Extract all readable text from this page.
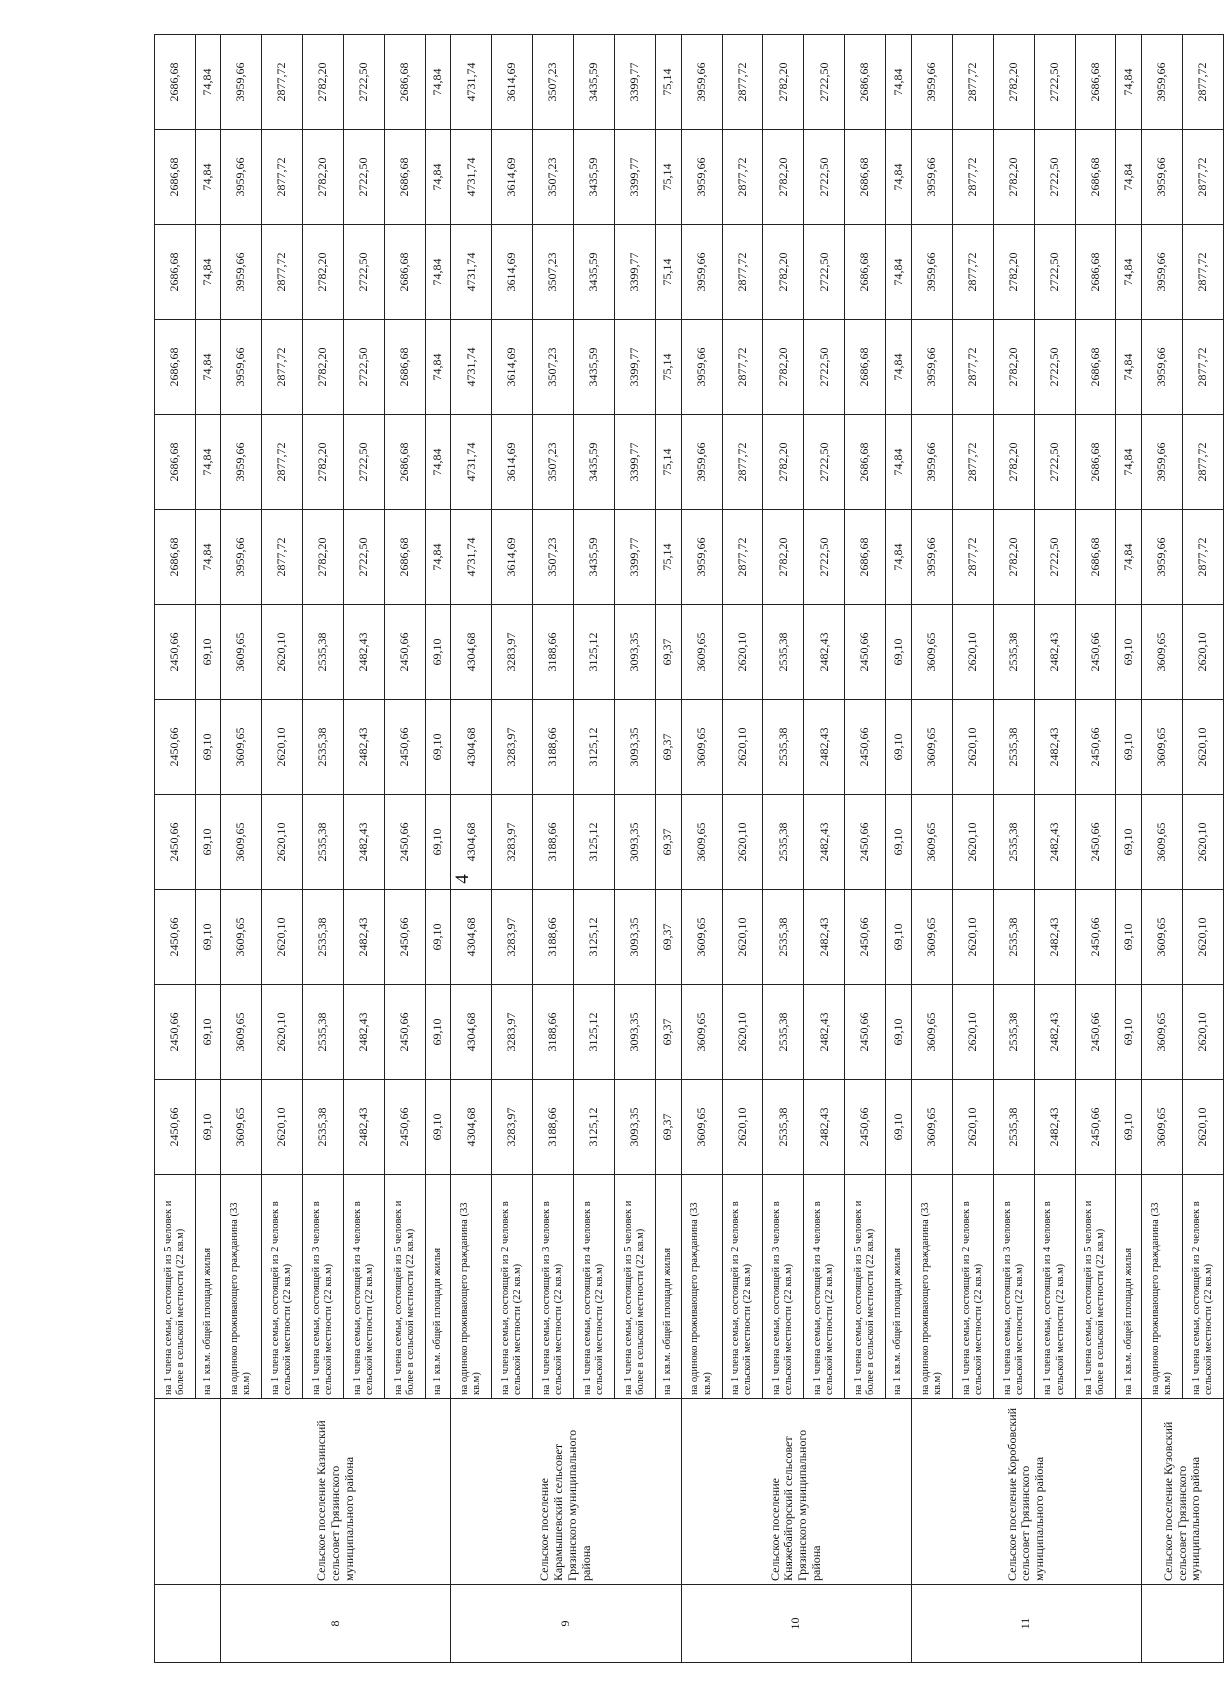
4
		на 1 члена семьи, состоящей из 5 человек и более в сельской местности (22 кв.м)	2450,66	2450,66	2450,66	2450,66	2450,66	2450,66	2686,68	2686,68	2686,68	2686,68	2686,68	2686,68
		на 1 кв.м. общей площади жилья	69,10	69,10	69,10	69,10	69,10	69,10	74,84	74,84	74,84	74,84	74,84	74,84
8	Сельское поселение Казинский сельсовет Грязинского муниципального района	на одиноко проживающего гражданина (33 кв.м)	3609,65	3609,65	3609,65	3609,65	3609,65	3609,65	3959,66	3959,66	3959,66	3959,66	3959,66	3959,66
		на 1 члена семьи, состоящей из 2 человек в сельской местности (22 кв.м)	2620,10	2620,10	2620,10	2620,10	2620,10	2620,10	2877,72	2877,72	2877,72	2877,72	2877,72	2877,72
		на 1 члена семьи, состоящей из 3 человек в сельской местности (22 кв.м)	2535,38	2535,38	2535,38	2535,38	2535,38	2535,38	2782,20	2782,20	2782,20	2782,20	2782,20	2782,20
		на 1 члена семьи, состоящей из 4 человек в сельской местности (22 кв.м)	2482,43	2482,43	2482,43	2482,43	2482,43	2482,43	2722,50	2722,50	2722,50	2722,50	2722,50	2722,50
		на 1 члена семьи, состоящей из 5 человек и более в сельской местности (22 кв.м)	2450,66	2450,66	2450,66	2450,66	2450,66	2450,66	2686,68	2686,68	2686,68	2686,68	2686,68	2686,68
		на 1 кв.м. общей площади жилья	69,10	69,10	69,10	69,10	69,10	69,10	74,84	74,84	74,84	74,84	74,84	74,84
9	Сельское поселение Карамышевский сельсовет Грязинского муниципального района	на одиноко проживающего гражданина (33 кв.м)	4304,68	4304,68	4304,68	4304,68	4304,68	4304,68	4731,74	4731,74	4731,74	4731,74	4731,74	4731,74
		на 1 члена семьи, состоящей из 2 человек в сельской местности (22 кв.м)	3283,97	3283,97	3283,97	3283,97	3283,97	3283,97	3614,69	3614,69	3614,69	3614,69	3614,69	3614,69
		на 1 члена семьи, состоящей из 3 человек в сельской местности (22 кв.м)	3188,66	3188,66	3188,66	3188,66	3188,66	3188,66	3507,23	3507,23	3507,23	3507,23	3507,23	3507,23
		на 1 члена семьи, состоящей из 4 человек в сельской местности (22 кв.м)	3125,12	3125,12	3125,12	3125,12	3125,12	3125,12	3435,59	3435,59	3435,59	3435,59	3435,59	3435,59
		на 1 члена семьи, состоящей из 5 человек и более в сельской местности (22 кв.м)	3093,35	3093,35	3093,35	3093,35	3093,35	3093,35	3399,77	3399,77	3399,77	3399,77	3399,77	3399,77
		на 1 кв.м. общей площади жилья	69,37	69,37	69,37	69,37	69,37	69,37	75,14	75,14	75,14	75,14	75,14	75,14
10	Сельское поселение Княжебайгорский сельсовет Грязинского муниципального района	на одиноко проживающего гражданина (33 кв.м)	3609,65	3609,65	3609,65	3609,65	3609,65	3609,65	3959,66	3959,66	3959,66	3959,66	3959,66	3959,66
		на 1 члена семьи, состоящей из 2 человек в сельской местности (22 кв.м)	2620,10	2620,10	2620,10	2620,10	2620,10	2620,10	2877,72	2877,72	2877,72	2877,72	2877,72	2877,72
		на 1 члена семьи, состоящей из 3 человек в сельской местности (22 кв.м)	2535,38	2535,38	2535,38	2535,38	2535,38	2535,38	2782,20	2782,20	2782,20	2782,20	2782,20	2782,20
		на 1 члена семьи, состоящей из 4 человек в сельской местности (22 кв.м)	2482,43	2482,43	2482,43	2482,43	2482,43	2482,43	2722,50	2722,50	2722,50	2722,50	2722,50	2722,50
		на 1 члена семьи, состоящей из 5 человек и более в сельской местности (22 кв.м)	2450,66	2450,66	2450,66	2450,66	2450,66	2450,66	2686,68	2686,68	2686,68	2686,68	2686,68	2686,68
		на 1 кв.м. общей площади жилья	69,10	69,10	69,10	69,10	69,10	69,10	74,84	74,84	74,84	74,84	74,84	74,84
11	Сельское поселение Коробовский сельсовет Грязинского муниципального района	на одиноко проживающего гражданина (33 кв.м)	3609,65	3609,65	3609,65	3609,65	3609,65	3609,65	3959,66	3959,66	3959,66	3959,66	3959,66	3959,66
		на 1 члена семьи, состоящей из 2 человек в сельской местности (22 кв.м)	2620,10	2620,10	2620,10	2620,10	2620,10	2620,10	2877,72	2877,72	2877,72	2877,72	2877,72	2877,72
		на 1 члена семьи, состоящей из 3 человек в сельской местности (22 кв.м)	2535,38	2535,38	2535,38	2535,38	2535,38	2535,38	2782,20	2782,20	2782,20	2782,20	2782,20	2782,20
		на 1 члена семьи, состоящей из 4 человек в сельской местности (22 кв.м)	2482,43	2482,43	2482,43	2482,43	2482,43	2482,43	2722,50	2722,50	2722,50	2722,50	2722,50	2722,50
		на 1 члена семьи, состоящей из 5 человек и более в сельской местности (22 кв.м)	2450,66	2450,66	2450,66	2450,66	2450,66	2450,66	2686,68	2686,68	2686,68	2686,68	2686,68	2686,68
		на 1 кв.м. общей площади жилья	69,10	69,10	69,10	69,10	69,10	69,10	74,84	74,84	74,84	74,84	74,84	74,84
	Сельское поселение Кузовский сельсовет Грязинского муниципального района	на одиноко проживающего гражданина (33 кв.м)	3609,65	3609,65	3609,65	3609,65	3609,65	3609,65	3959,66	3959,66	3959,66	3959,66	3959,66	3959,66
		на 1 члена семьи, состоящей из 2 человек в сельской местности (22 кв.м)	2620,10	2620,10	2620,10	2620,10	2620,10	2620,10	2877,72	2877,72	2877,72	2877,72	2877,72	2877,72
